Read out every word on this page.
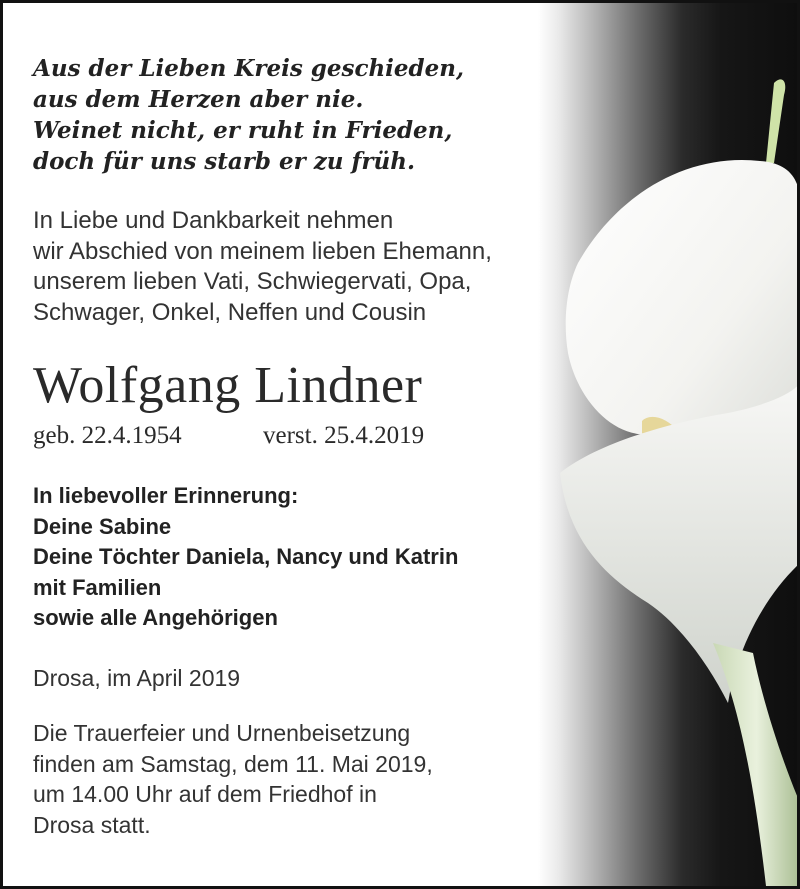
Aus der Lieben Kreis geschieden,
aus dem Herzen aber nie.
Weinet nicht, er ruht in Frieden,
doch für uns starb er zu früh.
In Liebe und Dankbarkeit nehmen
wir Abschied von meinem lieben Ehemann,
unserem lieben Vati, Schwiegervati, Opa,
Schwager, Onkel, Neffen und Cousin
Wolfgang Lindner
geb. 22.4.1954	verst. 25.4.2019
In liebevoller Erinnerung:
Deine Sabine
Deine Töchter Daniela, Nancy und Katrin
mit Familien
sowie alle Angehörigen
Drosa, im April 2019
Die Trauerfeier und Urnenbeisetzung
finden am Samstag, dem 11. Mai 2019,
um 14.00 Uhr auf dem Friedhof in
Drosa statt.
